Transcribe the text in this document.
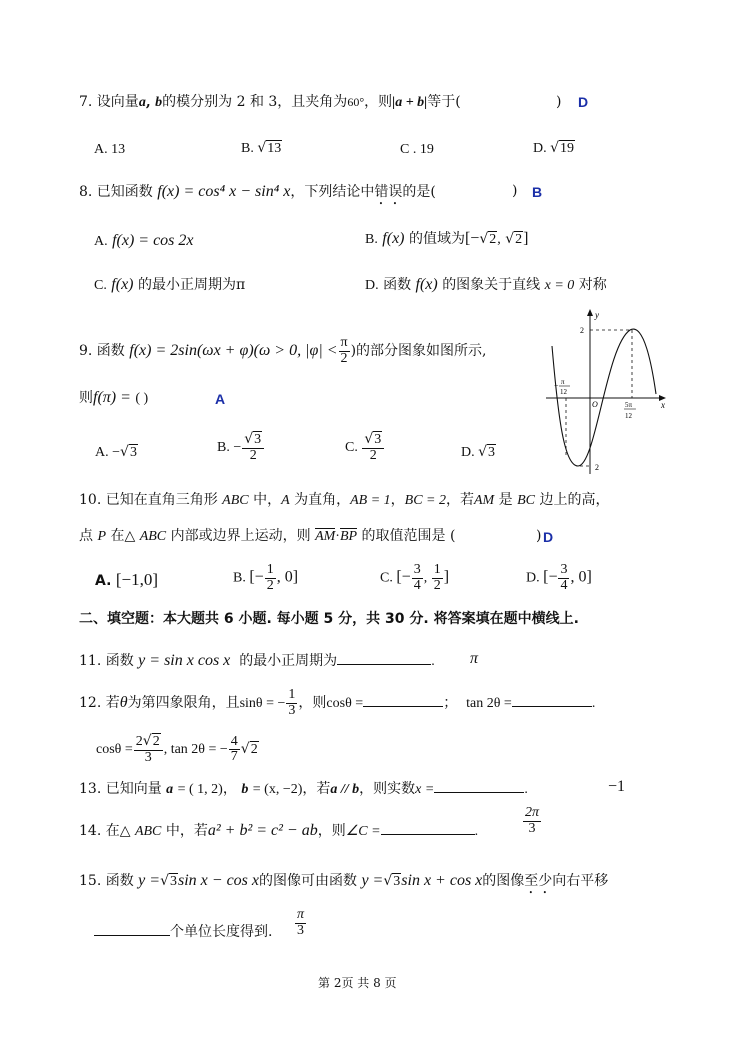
7. 设向量a, b的模分别为 2 和 3，且夹角为60°，则|a + b|等于(	) D
A. 13	B. √13	C . 19	D. √19
8. 已知函数 f(x) = cos⁴ x − sin⁴ x，下列结论中错误的是(	) B
A. f(x) = cos 2x	B. f(x) 的值域为[−√2, √2]
C. f(x) 的最小正周期为π	D. 函数 f(x) 的图象关于直线 x = 0 对称
9. 函数 f(x) = 2sin(ωx + φ)(ω > 0, $|\varphi| < \frac{\pi}{2}$ )的部分图象如图所示,
则f(π) = ( )	A
A. −√3	B. − $\frac{√3}{2}$	C. $\frac{√3}{2}$	D. √3
y
x
2
2
O
− π
12
5π
12
10. 已知在直角三角形 ABC 中，A 为直角，AB = 1，BC = 2，若AM 是 BC 边上的高，
点 P 在△ ABC 内部或边界上运动，则 AM·BP 的取值范围是 (	) D
A. [−1,0]	B. [− $\frac{1}{2}$ , 0]	C. [− $\frac{3}{4}$ , $\frac{1}{2}$ ]	D. [− $\frac{3}{4}$ , 0]
二、填空题：本大题共 6 小题. 每小题 5 分，共 30 分. 将答案填在题中横线上.
11. 函数 y = sin x cos x 的最小正周期为	. π
12. 若θ为第四象限角，且sinθ = − $\frac{1}{3}$ ，则cosθ =	； tan 2θ =	.
$\cos\theta = \frac{2√2}{3}$ , tan 2θ = − $\frac{4}{7} √2$
13. 已知向量 a = ( 1, 2)， b = (x, −2)，若a // b，则实数x =	.	−1
14. 在△ ABC 中，若a² + b² = c² − ab，则∠C =	.	$\frac{2\pi}{3}$
15. 函数 y =√3sin x − cos x的图像可由函数 y =√3sin x + cos x的图像至少向右平移
个单位长度得到. $\frac{\pi}{3}$
第 2页 共 8 页
